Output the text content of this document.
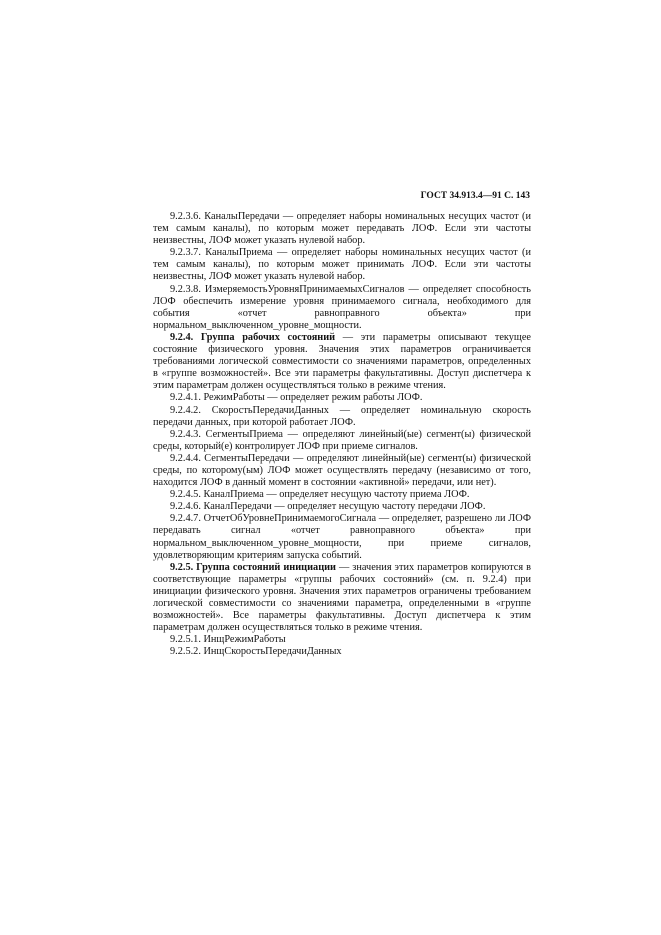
ГОСТ 34.913.4—91 С. 143

9.2.3.6. КаналыПередачи — определяет наборы номинальных несущих частот (и тем самым каналы), по которым может передавать ЛОФ. Если эти частоты неизвестны, ЛОФ может указать нулевой набор.

9.2.3.7. КаналыПриема — определяет наборы номинальных несущих частот (и тем самым каналы), по которым может принимать ЛОФ. Если эти частоты неизвестны, ЛОФ может указать нулевой набор.

9.2.3.8. ИзмеряемостьУровняПринимаемыхСигналов — определяет способность ЛОФ обеспечить измерение уровня принимаемого сигнала, необходимого для события «отчет равноправного объекта» при нормальном_выключенном_уровне_мощности.

9.2.4. Группа рабочих состояний — эти параметры описывают текущее состояние физического уровня. Значения этих параметров ограничивается требованиями логической совместимости со значениями параметров, определенных в «группе возможностей». Все эти параметры факультативны. Доступ диспетчера к этим параметрам должен осуществляться только в режиме чтения.

9.2.4.1. РежимРаботы — определяет режим работы ЛОФ.

9.2.4.2. СкоростьПередачиДанных — определяет номинальную скорость передачи данных, при которой работает ЛОФ.

9.2.4.3. СегментыПриема — определяют линейный(ые) сегмент(ы) физической среды, который(е) контролирует ЛОФ при приеме сигналов.

9.2.4.4. СегментыПередачи — определяют линейный(ые) сегмент(ы) физической среды, по которому(ым) ЛОФ может осуществлять передачу (независимо от того, находится ЛОФ в данный момент в состоянии «активной» передачи, или нет).

9.2.4.5. КаналПриема — определяет несущую частоту приема ЛОФ.

9.2.4.6. КаналПередачи — определяет несущую частоту передачи ЛОФ.

9.2.4.7. ОтчетОбУровнеПринимаемогоСигнала — определяет, разрешено ли ЛОФ передавать сигнал «отчет равноправного объекта» при нормальном_выключенном_уровне_мощности, при приеме сигналов, удовлетворяющим критериям запуска событий.

9.2.5. Группа состояний инициации — значения этих параметров копируются в соответствующие параметры «группы рабочих состояний» (см. п. 9.2.4) при инициации физического уровня. Значения этих параметров ограничены требованием логической совместимости со значениями параметра, определенными в «группе возможностей». Все параметры факультативны. Доступ диспетчера к этим параметрам должен осуществляться только в режиме чтения.

9.2.5.1. ИнщРежимРаботы

9.2.5.2. ИнщСкоростьПередачиДанных
